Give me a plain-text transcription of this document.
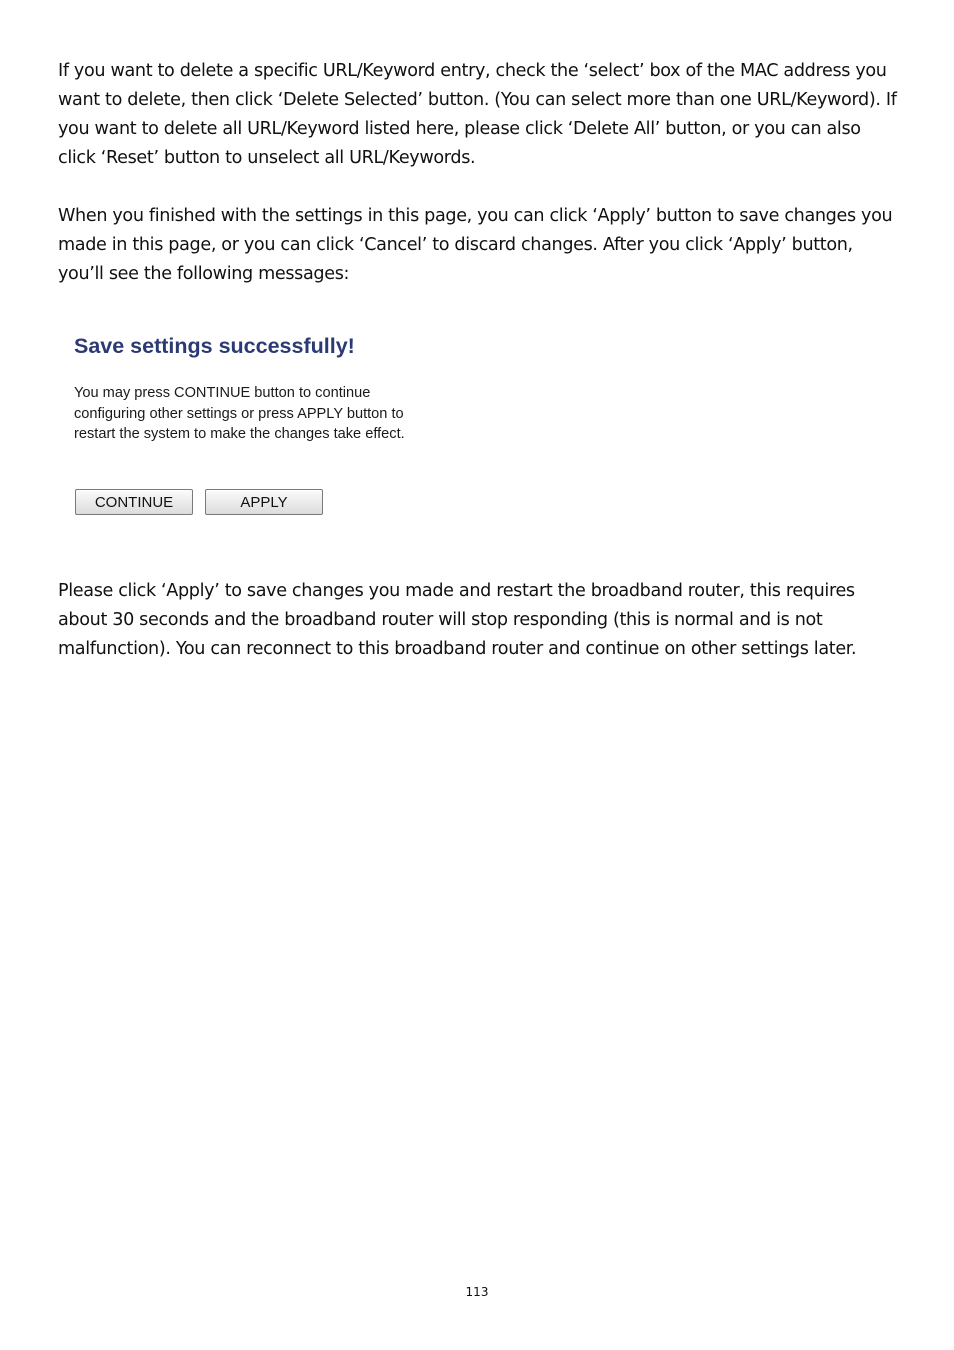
If you want to delete a specific URL/Keyword entry, check the ‘select’ box of the MAC address you want to delete, then click ‘Delete Selected’ button. (You can select more than one URL/Keyword). If you want to delete all URL/Keyword listed here, please click ‘Delete All’ button, or you can also click ‘Reset’ button to unselect all URL/Keywords.

When you finished with the settings in this page, you can click ‘Apply’ button to save changes you made in this page, or you can click ‘Cancel’ to discard changes. After you click ‘Apply’ button, you’ll see the following messages:

Save settings successfully!

You may press CONTINUE button to continue
configuring other settings or press APPLY button to
restart the system to make the changes take effect.

CONTINUE	APPLY

Please click ‘Apply’ to save changes you made and restart the broadband router, this requires about 30 seconds and the broadband router will stop responding (this is normal and is not malfunction). You can reconnect to this broadband router and continue on other settings later.

113
